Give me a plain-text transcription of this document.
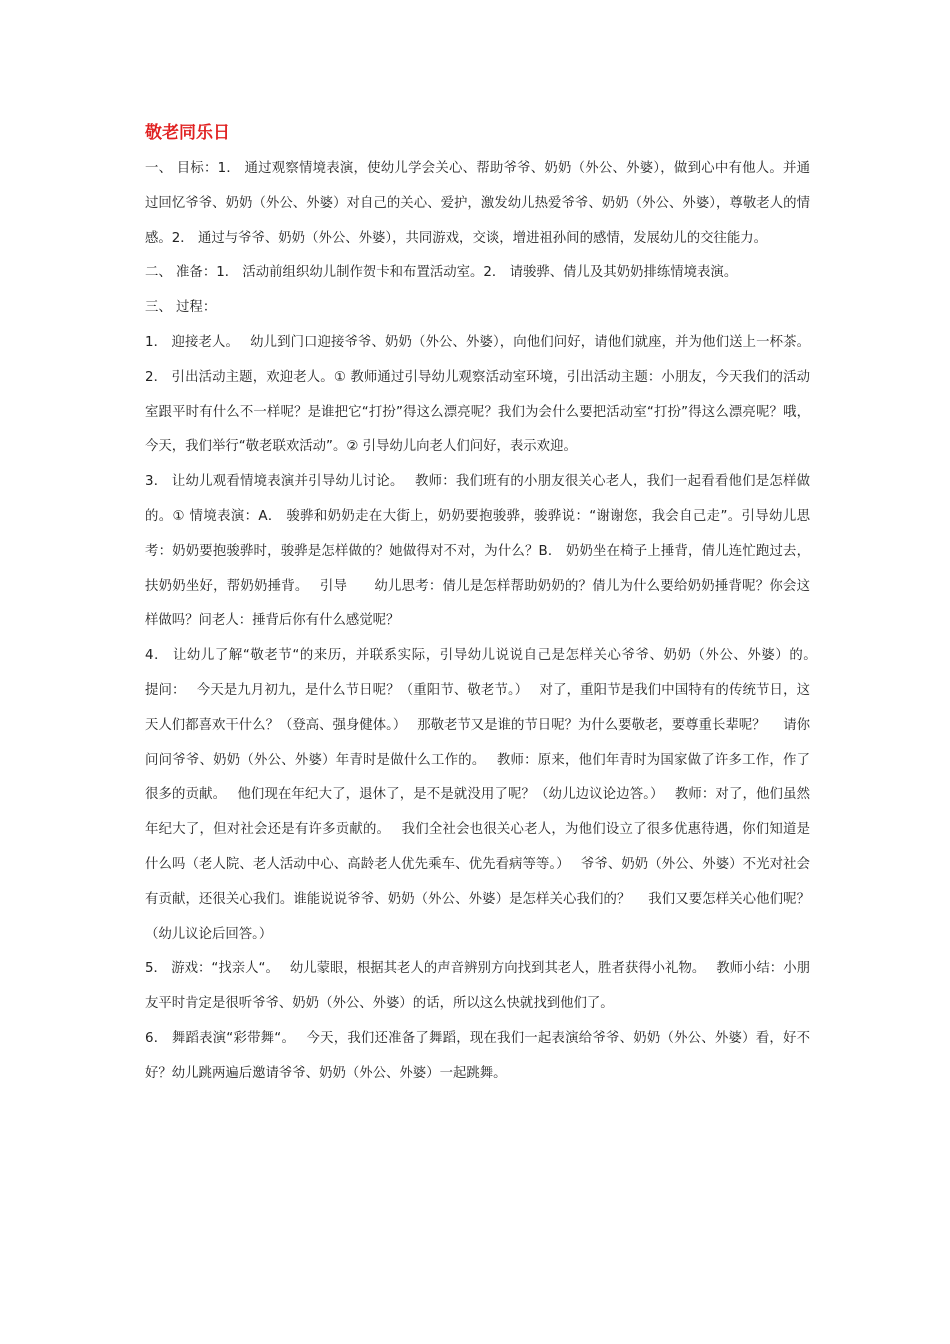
敬老同乐日

一、 目标：1． 通过观察情境表演，使幼儿学会关心、帮助爷爷、奶奶（外公、外婆），做到心中有他人。并通过回忆爷爷、奶奶（外公、外婆）对自己的关心、爱护，激发幼儿热爱爷爷、奶奶（外公、外婆），尊敬老人的情感。2． 通过与爷爷、奶奶（外公、外婆），共同游戏，交谈，增进祖孙间的感情，发展幼儿的交往能力。

二、 准备：1． 活动前组织幼儿制作贺卡和布置活动室。2． 请骏骅、倩儿及其奶奶排练情境表演。

三、 过程：

1． 迎接老人。　 幼儿到门口迎接爷爷、奶奶（外公、外婆），向他们问好，请他们就座，并为他们送上一杯茶。2． 引出活动主题，欢迎老人。① 教师通过引导幼儿观察活动室环境，引出活动主题：小朋友，今天我们的活动室跟平时有什么不一样呢？是谁把它“打扮”得这么漂亮呢？我们为会什么要把活动室“打扮”得这么漂亮呢？哦，今天，我们举行“敬老联欢活动”。② 引导幼儿向老人们问好，表示欢迎。

3． 让幼儿观看情境表演并引导幼儿讨论。　 教师：我们班有的小朋友很关心老人，我们一起看看他们是怎样做的。① 情境表演：A． 骏骅和奶奶走在大街上，奶奶要抱骏骅，骏骅说：“谢谢您，我会自己走”。引导幼儿思考：奶奶要抱骏骅时，骏骅是怎样做的？她做得对不对，为什么？B． 奶奶坐在椅子上捶背，倩儿连忙跑过去，扶奶奶坐好，帮奶奶捶背。　 引导　　幼儿思考：倩儿是怎样帮助奶奶的？倩儿为什么要给奶奶捶背呢？你会这样做吗？问老人：捶背后你有什么感觉呢？

4． 让幼儿了解“敬老节“的来历，并联系实际，引导幼儿说说自己是怎样关心爷爷、奶奶（外公、外婆）的。　 提问：　 今天是九月初九，是什么节日呢？（重阳节、敬老节。）　 对了，重阳节是我们中国特有的传统节日，这天人们都喜欢干什么？（登高、强身健体。）　 那敬老节又是谁的节日呢？为什么要敬老，要尊重长辈呢？　 请你问问爷爷、奶奶（外公、外婆）年青时是做什么工作的。　 教师：原来，他们年青时为国家做了许多工作，作了很多的贡献。　 他们现在年纪大了，退休了，是不是就没用了呢？（幼儿边议论边答。）　 教师：对了，他们虽然年纪大了，但对社会还是有许多贡献的。　 我们全社会也很关心老人，为他们设立了很多优惠待遇，你们知道是什么吗（老人院、老人活动中心、高龄老人优先乘车、优先看病等等。）　 爷爷、奶奶（外公、外婆）不光对社会有贡献，还很关心我们。谁能说说爷爷、奶奶（外公、外婆）是怎样关心我们的？　 我们又要怎样关心他们呢？（幼儿议论后回答。）

5． 游戏：“找亲人“。　 幼儿蒙眼，根据其老人的声音辨别方向找到其老人，胜者获得小礼物。　 教师小结：小朋友平时肯定是很听爷爷、奶奶（外公、外婆）的话，所以这么快就找到他们了。

6． 舞蹈表演“彩带舞“。　 今天，我们还准备了舞蹈，现在我们一起表演给爷爷、奶奶（外公、外婆）看，好不好？幼儿跳两遍后邀请爷爷、奶奶（外公、外婆）一起跳舞。
